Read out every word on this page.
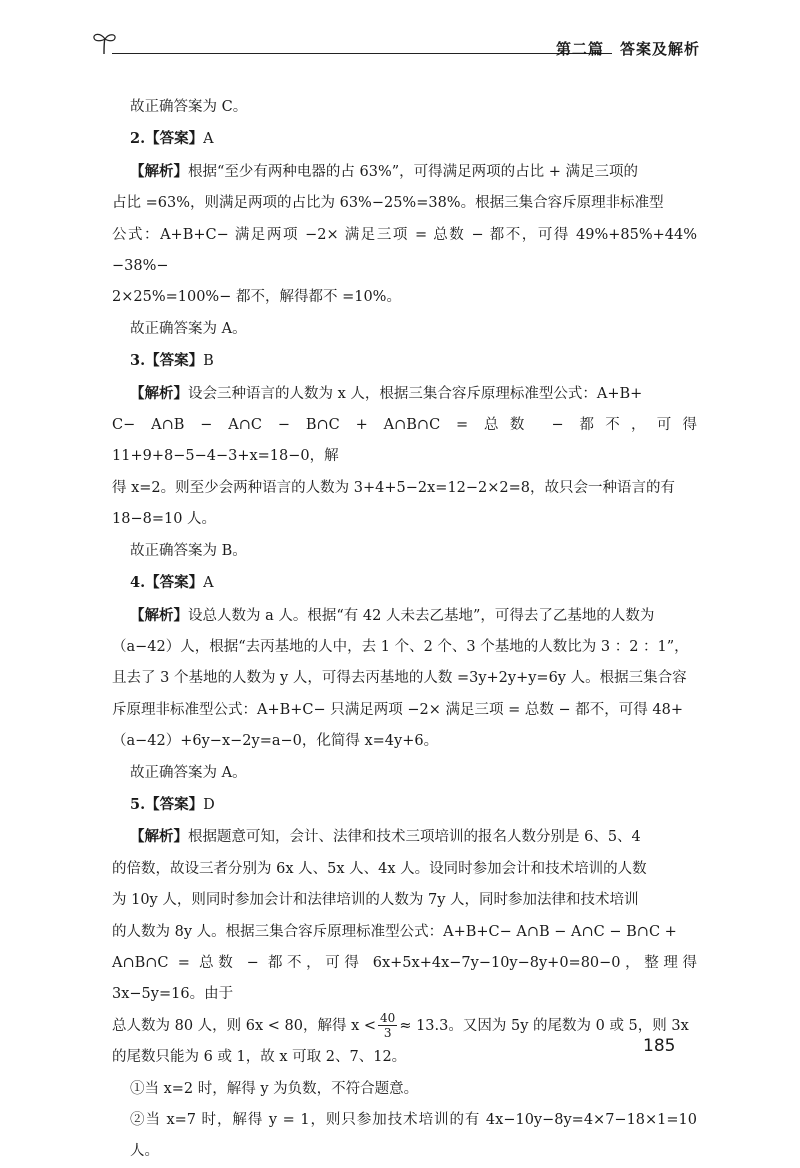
第二篇　答案及解析

故正确答案为 C。

2.【答案】A

【解析】根据“至少有两种电器的占 63%”，可得满足两项的占比 + 满足三项的

占比 =63%，则满足两项的占比为 63%−25%=38%。根据三集合容斥原理非标准型

公式：A+B+C− 满足两项 −2× 满足三项 = 总数 − 都不，可得 49%+85%+44%−38%−

2×25%=100%− 都不，解得都不 =10%。

故正确答案为 A。

3.【答案】B

【解析】设会三种语言的人数为 x 人，根据三集合容斥原理标准型公式：A+B+

C− A∩B − A∩C − B∩C + A∩B∩C = 总数 − 都不，可得 11+9+8−5−4−3+x=18−0，解

得 x=2。则至少会两种语言的人数为 3+4+5−2x=12−2×2=8，故只会一种语言的有

18−8=10 人。

故正确答案为 B。

4.【答案】A

【解析】设总人数为 a 人。根据“有 42 人未去乙基地”，可得去了乙基地的人数为

（a−42）人，根据“去丙基地的人中，去 1 个、2 个、3 个基地的人数比为 3 ：2 ：1”，

且去了 3 个基地的人数为 y 人，可得去丙基地的人数 =3y+2y+y=6y 人。根据三集合容

斥原理非标准型公式：A+B+C− 只满足两项 −2× 满足三项 = 总数 − 都不，可得 48+

（a−42）+6y−x−2y=a−0，化简得 x=4y+6。

故正确答案为 A。

5.【答案】D

【解析】根据题意可知，会计、法律和技术三项培训的报名人数分别是 6、5、4

的倍数，故设三者分别为 6x 人、5x 人、4x 人。设同时参加会计和技术培训的人数

为 10y 人，则同时参加会计和法律培训的人数为 7y 人，同时参加法律和技术培训

的人数为 8y 人。根据三集合容斥原理标准型公式：A+B+C− A∩B − A∩C − B∩C +

A∩B∩C = 总数 − 都不，可得 6x+5x+4x−7y−10y−8y+0=80−0，整理得 3x−5y=16。由于

总人数为 80 人，则 6x < 80，解得 $x < \frac{40}{3} \approx 13.3$。又因为 5y 的尾数为 0 或 5，则 3x

的尾数只能为 6 或 1，故 x 可取 2、7、12。

①当 x=2 时，解得 y 为负数，不符合题意。

②当 x=7 时，解得 y = 1，则只参加技术培训的有 4x−10y−8y=4×7−18×1=10 人。

185
